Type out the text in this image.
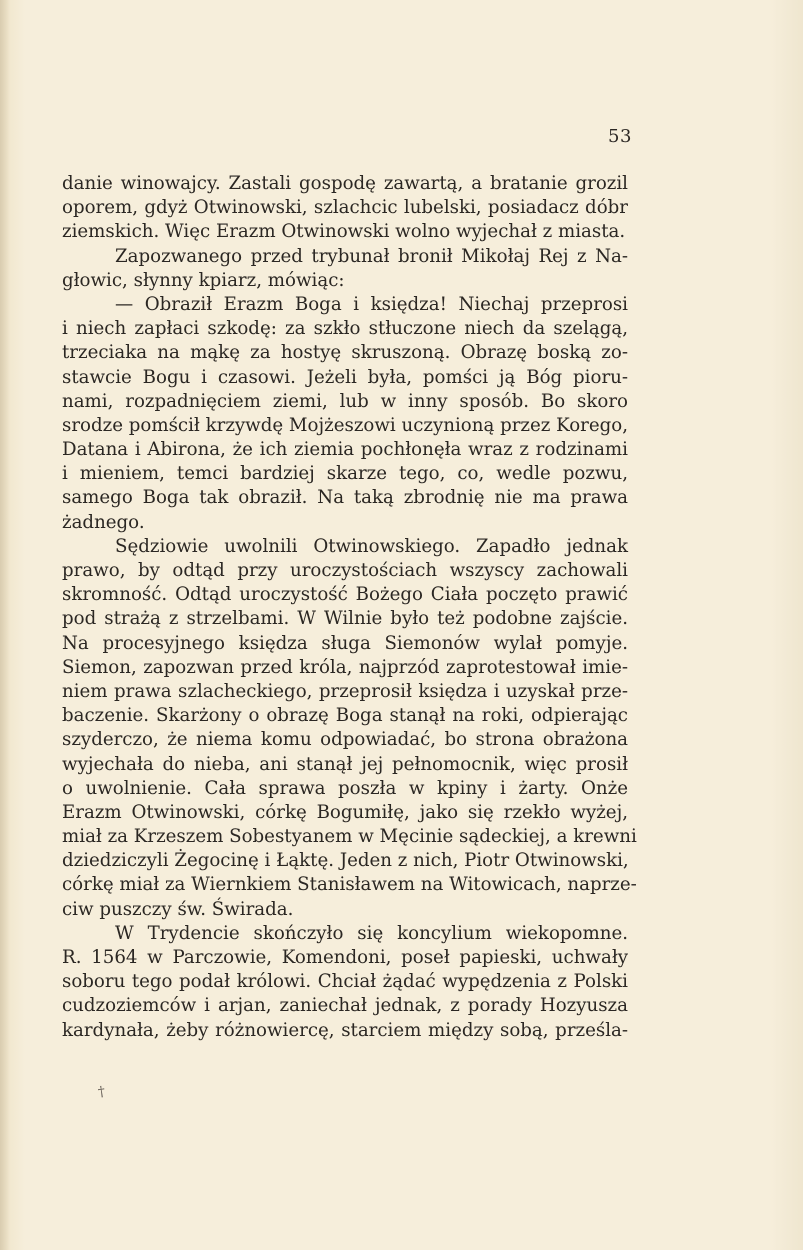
53
danie winowajcy. Zastali gospodę zawartą, a bratanie grozil
oporem, gdyż Otwinowski, szlachcic lubelski, posiadacz dóbr
ziemskich. Więc Erazm Otwinowski wolno wyjechał z miasta.
Zapozwanego przed trybunał bronił Mikołaj Rej z Na-
głowic, słynny kpiarz, mówiąc:
— Obraził Erazm Boga i księdza! Niechaj przeprosi
i niech zapłaci szkodę: za szkło stłuczone niech da szelągą,
trzeciaka na mąkę za hostyę skruszoną. Obrazę boską zo-
stawcie Bogu i czasowi. Jeżeli była, pomści ją Bóg pioru-
nami, rozpadnięciem ziemi, lub w inny sposób. Bo skoro
srodze pomścił krzywdę Mojżeszowi uczynioną przez Korego,
Datana i Abirona, że ich ziemia pochłonęła wraz z rodzinami
i mieniem, temci bardziej skarze tego, co, wedle pozwu,
samego Boga tak obraził. Na taką zbrodnię nie ma prawa
żadnego.
Sędziowie uwolnili Otwinowskiego. Zapadło jednak
prawo, by odtąd przy uroczystościach wszyscy zachowali
skromność. Odtąd uroczystość Bożego Ciała poczęto prawić
pod strażą z strzelbami. W Wilnie było też podobne zajście.
Na procesyjnego księdza sługa Siemonów wylał pomyje.
Siemon, zapozwan przed króla, najprzód zaprotestował imie-
niem prawa szlacheckiego, przeprosił księdza i uzyskał prze-
baczenie. Skarżony o obrazę Boga stanął na roki, odpierając
szyderczo, że niema komu odpowiadać, bo strona obrażona
wyjechała do nieba, ani stanął jej pełnomocnik, więc prosił
o uwolnienie. Cała sprawa poszła w kpiny i żarty. Onże
Erazm Otwinowski, córkę Bogumiłę, jako się rzekło wyżej,
miał za Krzeszem Sobestyanem w Męcinie sądeckiej, a krewni
dziedziczyli Żegocinę i Łąktę. Jeden z nich, Piotr Otwinowski,
córkę miał za Wiernkiem Stanisławem na Witowicach, naprze-
ciw puszczy św. Świrada.
W Trydencie skończyło się koncylium wiekopomne.
R. 1564 w Parczowie, Komendoni, poseł papieski, uchwały
soboru tego podał królowi. Chciał żądać wypędzenia z Polski
cudzoziemców i arjan, zaniechał jednak, z porady Hozyusza
kardynała, żeby różnowiercę, starciem między sobą, prześla-
†
